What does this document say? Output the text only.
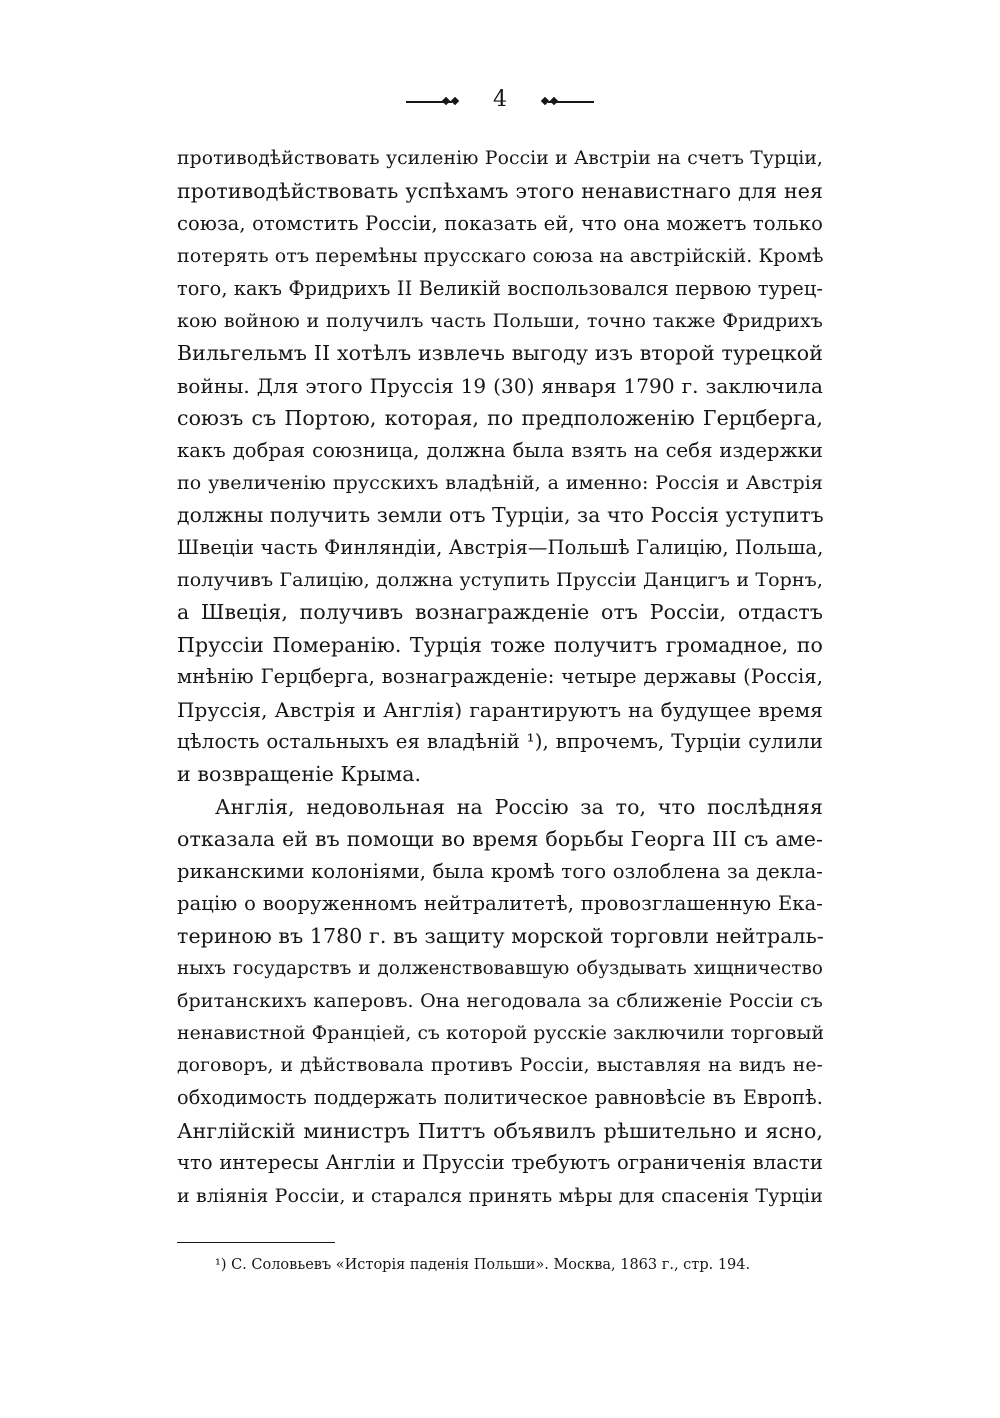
4
противодѣйствовать усиленію Россіи и Австріи на счетъ Турціи,
противодѣйствовать успѣхамъ этого ненавистнаго для нея
союза, отомстить Россіи, показать ей, что она можетъ только
потерять отъ перемѣны прусскаго союза на австрійскій. Кромѣ
того, какъ Фридрихъ II Великій воспользовался первою турец-
кою войною и получилъ часть Польши, точно также Фридрихъ
Вильгельмъ II хотѣлъ извлечь выгоду изъ второй турецкой
войны. Для этого Пруссія 19 (30) января 1790 г. заключила
союзъ съ Портою, которая, по предположенію Герцберга,
какъ добрая союзница, должна была взять на себя издержки
по увеличенію прусскихъ владѣній, а именно: Россія и Австрія
должны получить земли отъ Турціи, за что Россія уступитъ
Швеціи часть Финляндіи, Австрія—Польшѣ Галицію, Польша,
получивъ Галицію, должна уступить Пруссіи Данцигъ и Торнъ,
а Швеція, получивъ вознагражденіе отъ Россіи, отдастъ
Пруссіи Померанію. Турція тоже получитъ громадное, по
мнѣнію Герцберга, вознагражденіе: четыре державы (Россія,
Пруссія, Австрія и Англія) гарантируютъ на будущее время
цѣлость остальныхъ ея владѣній ¹), впрочемъ, Турціи сулили
и возвращеніе Крыма.
Англія, недовольная на Россію за то, что послѣдняя
отказала ей въ помощи во время борьбы Георга III съ аме-
риканскими колоніями, была кромѣ того озлоблена за декла-
рацію о вооруженномъ нейтралитетѣ, провозглашенную Ека-
териною въ 1780 г. въ защиту морской торговли нейтраль-
ныхъ государствъ и долженствовавшую обуздывать хищничество
британскихъ каперовъ. Она негодовала за сближеніе Россіи съ
ненавистной Франціей, съ которой русскіе заключили торговый
договоръ, и дѣйствовала противъ Россіи, выставляя на видъ не-
обходимость поддержать политическое равновѣсіе въ Европѣ.
Англійскій министръ Питтъ объявилъ рѣшительно и ясно,
что интересы Англіи и Пруссіи требуютъ ограниченія власти
и вліянія Россіи, и старался принять мѣры для спасенія Турціи
¹) С. Соловьевъ «Исторія паденія Польши». Москва, 1863 г., стр. 194.
